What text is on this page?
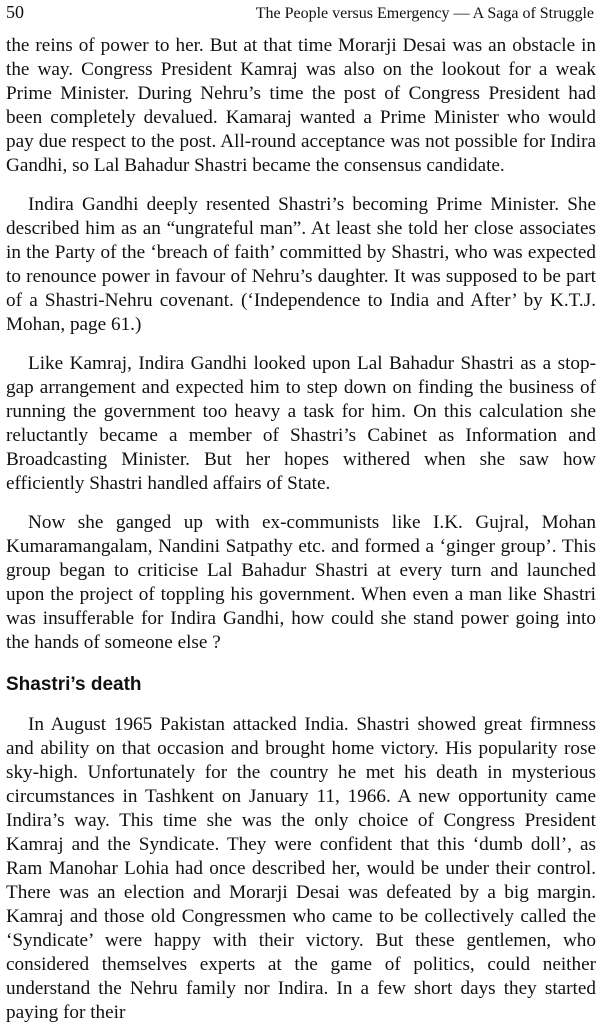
50	The People versus Emergency — A Saga of Struggle

the reins of power to her. But at that time Morarji Desai was an obstacle in the way. Congress President Kamraj was also on the lookout for a weak Prime Minister. During Nehru’s time the post of Congress President had been completely devalued. Kamaraj wanted a Prime Minister who would pay due respect to the post. All-round acceptance was not possible for Indira Gandhi, so Lal Bahadur Shastri became the consensus candidate.

Indira Gandhi deeply resented Shastri’s becoming Prime Minister. She described him as an “ungrateful man”. At least she told her close associates in the Party of the ‘breach of faith’ committed by Shastri, who was expected to renounce power in favour of Nehru’s daughter. It was supposed to be part of a Shastri-Nehru covenant. (‘Independence to India and After’ by K.T.J. Mohan, page 61.)

Like Kamraj, Indira Gandhi looked upon Lal Bahadur Shastri as a stop-gap arrangement and expected him to step down on finding the business of running the government too heavy a task for him. On this calculation she reluctantly became a member of Shastri’s Cabinet as Information and Broadcasting Minister. But her hopes withered when she saw how efficiently Shastri handled affairs of State.

Now she ganged up with ex-communists like I.K. Gujral, Mohan Kumaramangalam, Nandini Satpathy etc. and formed a ‘ginger group’. This group began to criticise Lal Bahadur Shastri at every turn and launched upon the project of toppling his government. When even a man like Shastri was insufferable for Indira Gandhi, how could she stand power going into the hands of someone else ?

Shastri’s death

In August 1965 Pakistan attacked India. Shastri showed great firmness and ability on that occasion and brought home victory. His popularity rose sky-high. Unfortunately for the country he met his death in mysterious circumstances in Tashkent on January 11, 1966. A new opportunity came Indira’s way. This time she was the only choice of Congress President Kamraj and the Syndicate. They were confident that this ‘dumb doll’, as Ram Manohar Lohia had once described her, would be under their control. There was an election and Morarji Desai was defeated by a big margin. Kamraj and those old Congressmen who came to be collectively called the ‘Syndicate’ were happy with their victory. But these gentlemen, who considered themselves experts at the game of politics, could neither understand the Nehru family nor Indira. In a few short days they started paying for their
